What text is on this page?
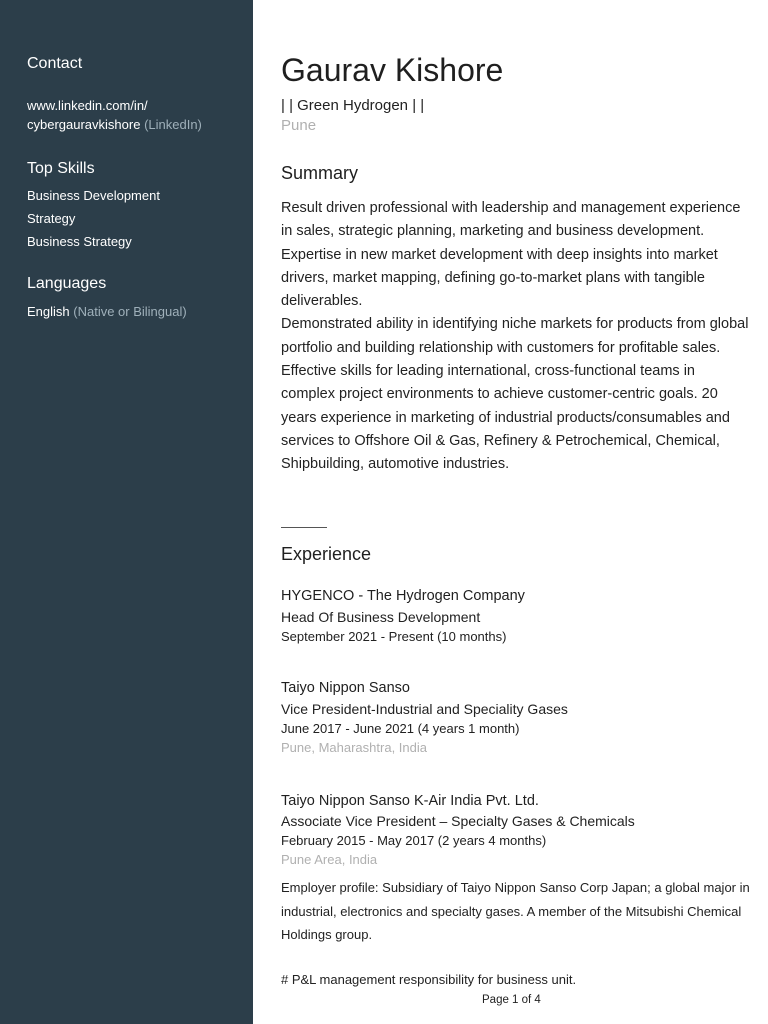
Contact
www.linkedin.com/in/
cybergauravkishore (LinkedIn)
Top Skills
Business Development
Strategy
Business Strategy
Languages
English (Native or Bilingual)
Gaurav Kishore
| | Green Hydrogen | |
Pune
Summary

Result driven professional with leadership and management experience in sales, strategic planning, marketing and business development. Expertise in new market development with deep insights into market drivers, market mapping, defining go-to-market plans with tangible deliverables.

Demonstrated ability in identifying niche markets for products from global portfolio and building relationship with customers for profitable sales.

Effective skills for leading international, cross-functional teams in complex project environments to achieve customer-centric goals. 20 years experience in marketing of industrial products/consumables and services to Offshore Oil & Gas, Refinery & Petrochemical, Chemical, Shipbuilding, automotive industries.

Experience
HYGENCO - The Hydrogen Company
Head Of Business Development
September 2021 - Present (10 months)
Taiyo Nippon Sanso
Vice President-Industrial and Speciality Gases
June 2017 - June 2021 (4 years 1 month)
Pune, Maharashtra, India
Taiyo Nippon Sanso K-Air India Pvt. Ltd.
Associate Vice President – Specialty Gases & Chemicals
February 2015 - May 2017 (2 years 4 months)
Pune Area, India

Employer profile: Subsidiary of Taiyo Nippon Sanso Corp Japan; a global major in industrial, electronics and specialty gases. A member of the Mitsubishi Chemical Holdings group.

# P&L management responsibility for business unit.
Page 1 of 4
